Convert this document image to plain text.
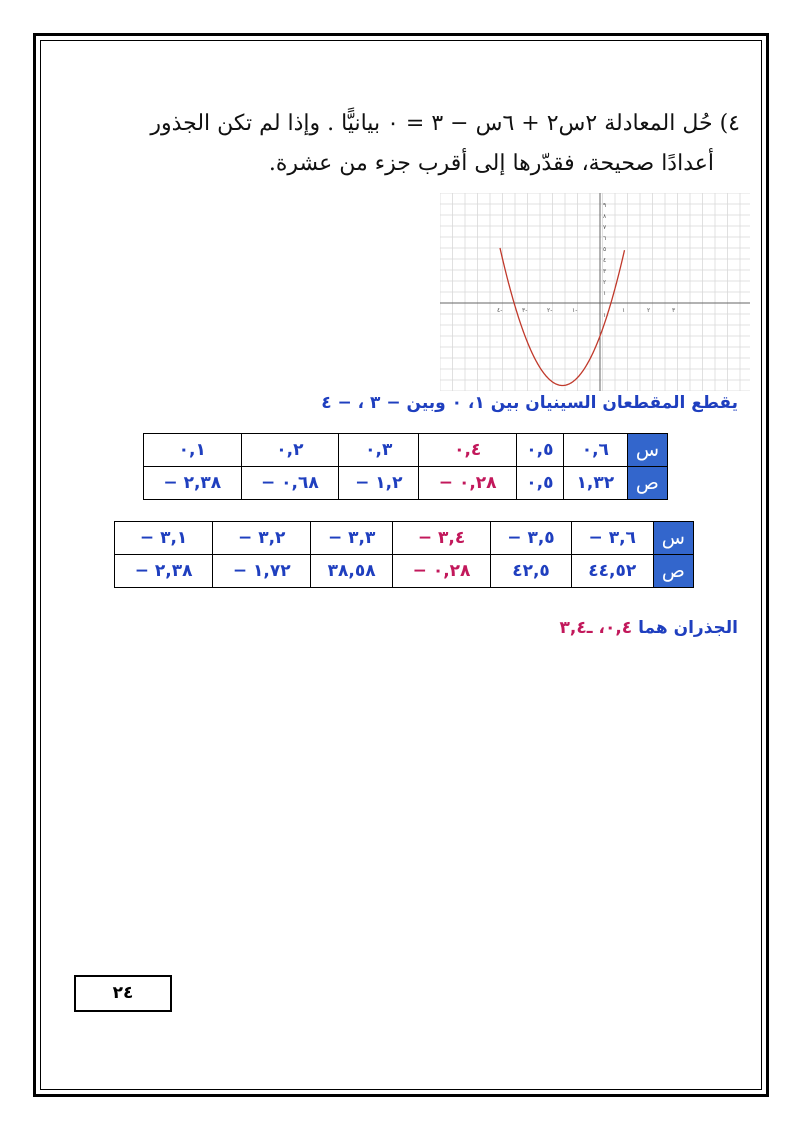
٤) حُل المعادلة ٢س٢ + ٦س − ٣ = ٠ بيانيًّا . وإذا لم تكن الجذور

أعدادًا صحيحة، فقدّرها إلى أقرب جزء من عشرة.

٩
٨
٧
٦
٥
٤
٣
٢
١
١-
٤-	٣-	٢-	١-	١	٢	٣
يقطع المقطعان السينيان بين ١، ٠ وبين − ٣ ، − ٤
س	٠,٦	٠,٥	٠,٤	٠,٣	٠,٢	٠,١
ص	١,٣٢	٠,٥	٠,٢٨ −	١,٢ −	٠,٦٨ −	٢,٣٨ −
س	٣,٦ −	٣,٥ −	٣,٤ −	٣,٣ −	٣,٢ −	٣,١ −
ص	٤٤,٥٢	٤٢,٥	٠,٢٨ −	٣٨,٥٨	١,٧٢ −	٢,٣٨ −
الجذران هما ٠,٤، ـ٣,٤
٢٤
